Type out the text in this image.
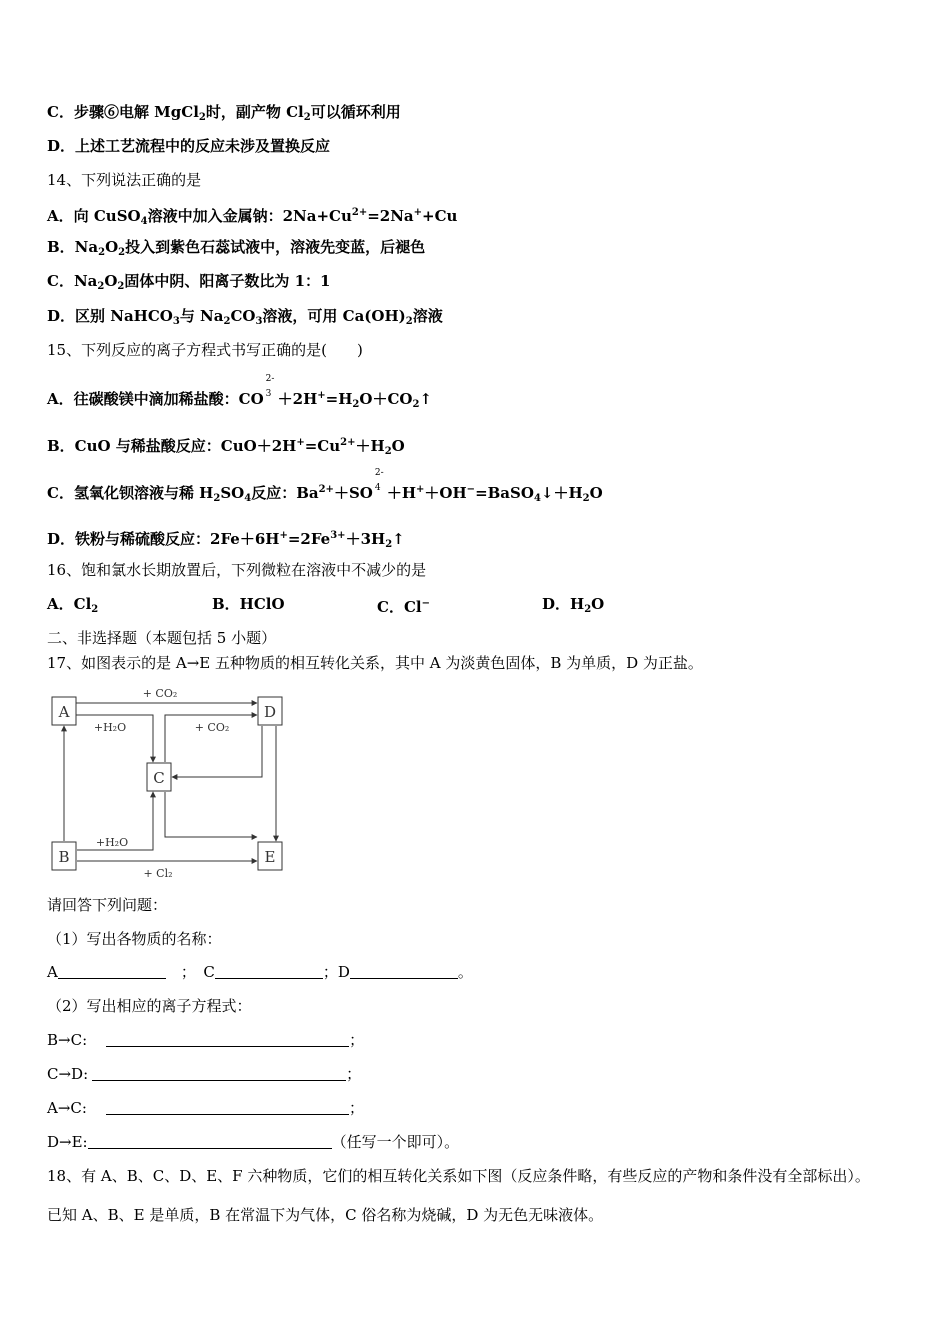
C．步骤⑥电解 MgCl$_2$时，副产物 $Cl_2$可以循环利用
D．上述工艺流程中的反应未涉及置换反应
14、下列说法正确的是
A．向 CuSO$_4$溶液中加入金属钠：$2Na+Cu^{2+}=2Na^++Cu$
B．$Na_2O_2$投入到紫色石蕊试液中，溶液先变蓝，后褪色
C．$Na_2O_2$固体中阴、阳离子数比为 1：1
D．区别 NaHCO$_3$与 $Na_2CO_3$溶液，可用 $Ca(OH)_2$溶液
15、下列反应的离子方程式书写正确的是(　　)
A．往碳酸镁中滴加稀盐酸：CO
2-
$3 +2H^+=H_2O+CO_2↑$
B．CuO 与稀盐酸反应：$CuO+2H^+=Cu^{2+}+H_2O$
C．氢氧化钡溶液与稀 $H_2SO_4$反应：$Ba^{2+}+SO$
2-
$4 +H^++OH^-=BaSO_4↓+H_2O$
D．铁粉与稀硫酸反应：$2Fe+6H^+=2Fe^{3+}+3H_2↑$
16、饱和氯水长期放置后，下列微粒在溶液中不减少的是
A．$Cl_2$	B．HClO	C．Cl−	D．$H_2O$
二、非选择题（本题包括 5 小题）
17、如图表示的是 A→E 五种物质的相互转化关系，其中 A 为淡黄色固体，B 为单质，D 为正盐。
A
B
C
D
E
+ CO₂
+H₂O	+ CO₂
+H₂O
+ Cl₂
请回答下列问题：
（1）写出各物质的名称：
A　	；　 C	；D	。
（2）写出相应的离子方程式：
B→C:　	；
C→D:	；
A→C:　	；
D→E:	（任写一个即可）。
18、有 A、B、C、D、E、F 六种物质，它们的相互转化关系如下图（反应条件略，有些反应的产物和条件没有全部标出）。
已知 A、B、E 是单质，B 在常温下为气体，C 俗名称为烧碱，D 为无色无味液体。
